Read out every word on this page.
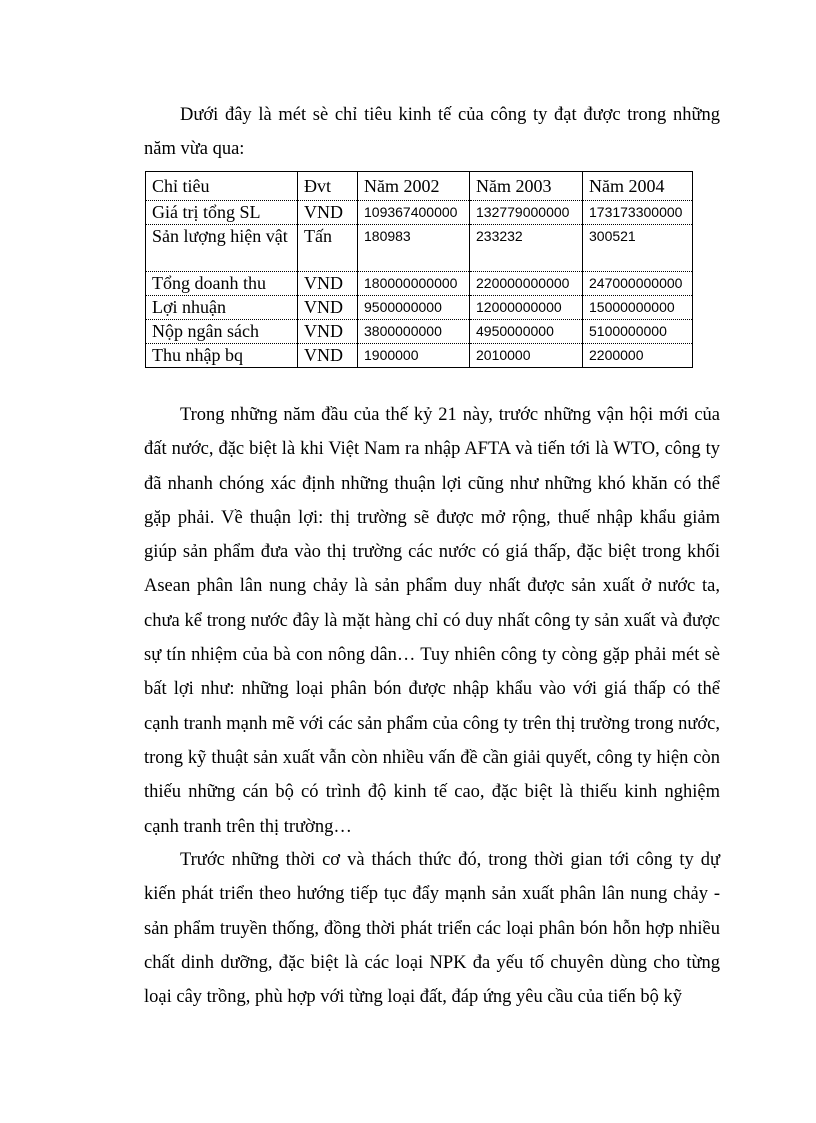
Dưới đây là mét sè chỉ tiêu kinh tế của công ty đạt được trong những năm vừa qua:

Chỉ tiêu	Đvt	Năm 2002	Năm 2003	Năm 2004
Giá trị tổng SL	VND	109367400000	132779000000	173173300000
Sản lượng hiện vật	Tấn	180983	233232	300521
Tổng doanh thu	VND	180000000000	220000000000	247000000000
Lợi nhuận	VND	9500000000	12000000000	15000000000
Nộp ngân sách	VND	3800000000	4950000000	5100000000
Thu nhập bq	VND	1900000	2010000	2200000

Trong những năm đầu của thế kỷ 21 này, trước những vận hội mới của đất nước, đặc biệt là khi Việt Nam ra nhập AFTA và tiến tới là WTO, công ty đã nhanh chóng xác định những thuận lợi cũng như những khó khăn có thể gặp phải. Về thuận lợi: thị trường sẽ được mở rộng, thuế nhập khẩu giảm giúp sản phẩm đưa vào thị trường các nước có giá thấp, đặc biệt trong khối Asean phân lân nung chảy là sản phẩm duy nhất được sản xuất ở nước ta, chưa kể trong nước đây là mặt hàng chỉ có duy nhất công ty sản xuất và được sự tín nhiệm của bà con nông dân… Tuy nhiên công ty còng gặp phải mét sè bất lợi như: những loại phân bón được nhập khẩu vào với giá thấp có thể cạnh tranh mạnh mẽ với các sản phẩm của công ty trên thị trường trong nước, trong kỹ thuật sản xuất vẫn còn nhiều vấn đề cần giải quyết, công ty hiện còn thiếu những cán bộ có trình độ kinh tế cao, đặc biệt là thiếu kinh nghiệm cạnh tranh trên thị trường…

Trước những thời cơ và thách thức đó, trong thời gian tới công ty dự kiến phát triển theo hướng tiếp tục đẩy mạnh sản xuất phân lân nung chảy - sản phẩm truyền thống, đồng thời phát triển các loại phân bón hỗn hợp nhiều chất dinh dưỡng, đặc biệt là các loại NPK đa yếu tố chuyên dùng cho từng loại cây trồng, phù hợp với từng loại đất, đáp ứng yêu cầu của tiến bộ kỹ
